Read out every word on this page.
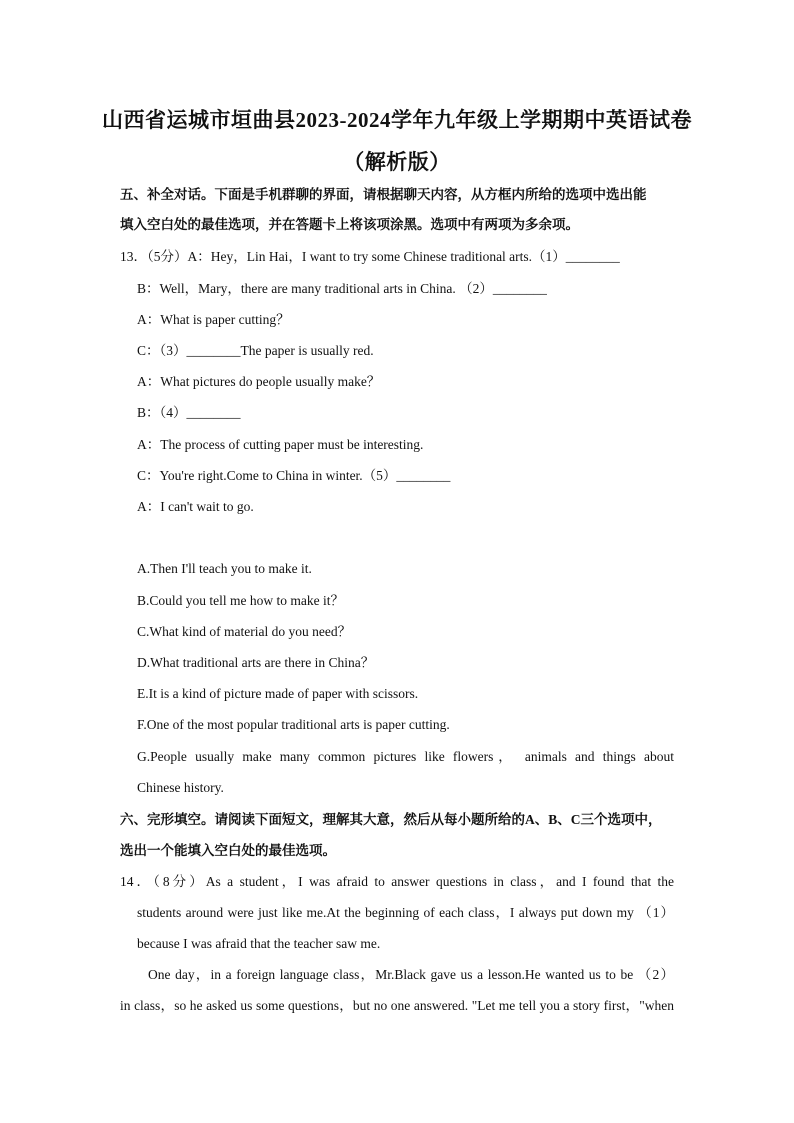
山西省运城市垣曲县2023-2024学年九年级上学期期中英语试卷
（解析版）
五、补全对话。下面是手机群聊的界面，请根据聊天内容，从方框内所给的选项中选出能
填入空白处的最佳选项，并在答题卡上将该项涂黑。选项中有两项为多余项。
13．（5分）A：Hey，Lin Hai，I want to try some Chinese traditional arts.（1）________
B：Well，Mary，there are many traditional arts in China. （2）________
A：What is paper cutting？
C：（3）________The paper is usually red.
A：What pictures do people usually make？
B：（4）________
A：The process of cutting paper must be interesting.
C：You're right.Come to China in winter.（5）________
A：I can't wait to go.
A.Then I'll teach you to make it.
B.Could you tell me how to make it？
C.What kind of material do you need？
D.What traditional arts are there in China？
E.It is a kind of picture made of paper with scissors.
F.One of the most popular traditional arts is paper cutting.
G.People usually make many common pictures like flowers， animals and things about
Chinese history.
六、完形填空。请阅读下面短文，理解其大意，然后从每小题所给的A、B、C三个选项中，
选出一个能填入空白处的最佳选项。
14．（8分）As a student，I was afraid to answer questions in class，and I found that the
students around were just like me.At the beginning of each class，I always put down my （1）
because I was afraid that the teacher saw me.
One day，in a foreign language class，Mr.Black gave us a lesson.He wanted us to be （2）
in class，so he asked us some questions，but no one answered. "Let me tell you a story first，"when
